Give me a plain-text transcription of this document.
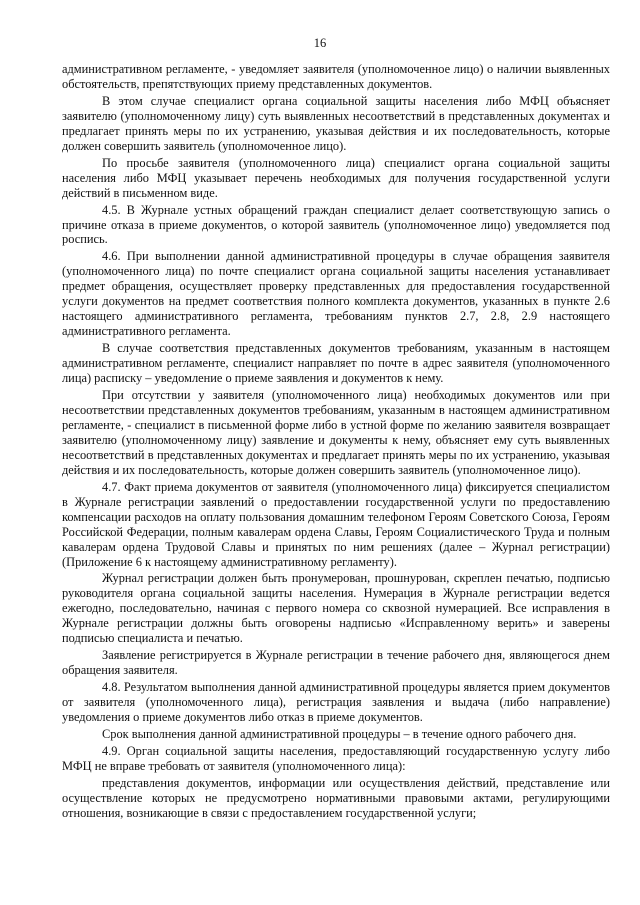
16

административном регламенте, - уведомляет заявителя (уполномоченное лицо) о наличии выявленных обстоятельств, препятствующих приему представленных документов.

В этом случае специалист органа социальной защиты населения либо МФЦ объясняет заявителю (уполномоченному лицу) суть выявленных несоответствий в представленных документах и предлагает принять меры по их устранению, указывая действия и их последовательность, которые должен совершить заявитель (уполномоченное лицо).

По просьбе заявителя (уполномоченного лица) специалист органа социальной защиты населения либо МФЦ указывает перечень необходимых для получения государственной услуги действий в письменном виде.

4.5. В Журнале устных обращений граждан специалист делает соответствующую запись о причине отказа в приеме документов, о которой заявитель (уполномоченное лицо) уведомляется под роспись.

4.6. При выполнении данной административной процедуры в случае обращения заявителя (уполномоченного лица) по почте специалист органа социальной защиты населения устанавливает предмет обращения, осуществляет проверку представленных для предоставления государственной услуги документов на предмет соответствия полного комплекта документов, указанных в пункте 2.6 настоящего административного регламента, требованиям пунктов 2.7, 2.8, 2.9 настоящего административного регламента.

В случае соответствия представленных документов требованиям, указанным в настоящем административном регламенте, специалист направляет по почте в адрес заявителя (уполномоченного лица) расписку – уведомление о приеме заявления и документов к нему.

При отсутствии у заявителя (уполномоченного лица) необходимых документов или при несоответствии представленных документов требованиям, указанным в настоящем административном регламенте, - специалист в письменной форме либо в устной форме по желанию заявителя возвращает заявителю (уполномоченному лицу) заявление и документы к нему, объясняет ему суть выявленных несоответствий в представленных документах и предлагает принять меры по их устранению, указывая действия и их последовательность, которые должен совершить заявитель (уполномоченное лицо).

4.7. Факт приема документов от заявителя (уполномоченного лица) фиксируется специалистом в Журнале регистрации заявлений о предоставлении государственной услуги по предоставлению компенсации расходов на оплату пользования домашним телефоном Героям Советского Союза, Героям Российской Федерации, полным кавалерам ордена Славы, Героям Социалистического Труда и полным кавалерам ордена Трудовой Славы и принятых по ним решениях (далее – Журнал регистрации) (Приложение 6 к настоящему административному регламенту).

Журнал регистрации должен быть пронумерован, прошнурован, скреплен печатью, подписью руководителя органа социальной защиты населения. Нумерация в Журнале регистрации ведется ежегодно, последовательно, начиная с первого номера со сквозной нумерацией. Все исправления в Журнале регистрации должны быть оговорены надписью «Исправленному верить» и заверены подписью специалиста и печатью.

Заявление регистрируется в Журнале регистрации в течение рабочего дня, являющегося днем обращения заявителя.

4.8. Результатом выполнения данной административной процедуры является прием документов от заявителя (уполномоченного лица), регистрация заявления и выдача (либо направление) уведомления о приеме документов либо отказ в приеме документов.

Срок выполнения данной административной процедуры – в течение одного рабочего дня.

4.9. Орган социальной защиты населения, предоставляющий государственную услугу либо МФЦ не вправе требовать от заявителя (уполномоченного лица):

представления документов, информации или осуществления действий, представление или осуществление которых не предусмотрено нормативными правовыми актами, регулирующими отношения, возникающие в связи с предоставлением государственной услуги;
